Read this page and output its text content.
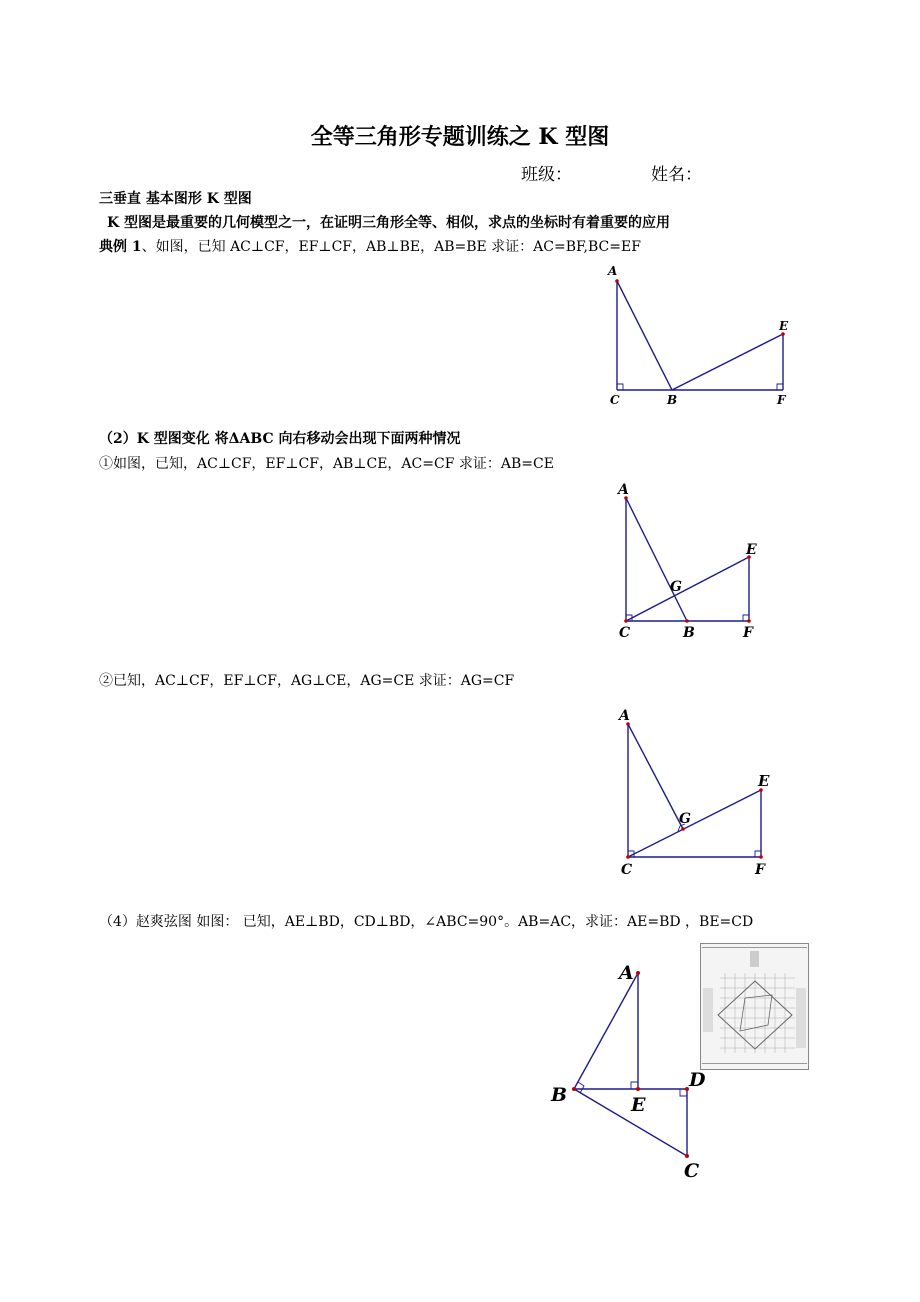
全等三角形专题训练之 K 型图
班级：	姓名：
三垂直 基本图形 K 型图
K 型图是最重要的几何模型之一，在证明三角形全等、相似，求点的坐标时有着重要的应用
典例 1、如图，已知 AC⊥CF，EF⊥CF，AB⊥BE，AB=BE 求证：AC=BF,BC=EF
A
E
C	B	F
（2）K 型图变化 将ΔABC 向右移动会出现下面两种情况
①如图，已知，AC⊥CF，EF⊥CF，AB⊥CE，AC=CF 求证：AB=CE
A
E
G
C	B	F
②已知，AC⊥CF，EF⊥CF，AG⊥CE，AG=CE 求证：AG=CF
A
E
G
C	F
（4）赵爽弦图 如图： 已知，AE⊥BD，CD⊥BD，∠ABC=90°。AB=AC，求证：AE=BD ，BE=CD
A
B	E
D
C
